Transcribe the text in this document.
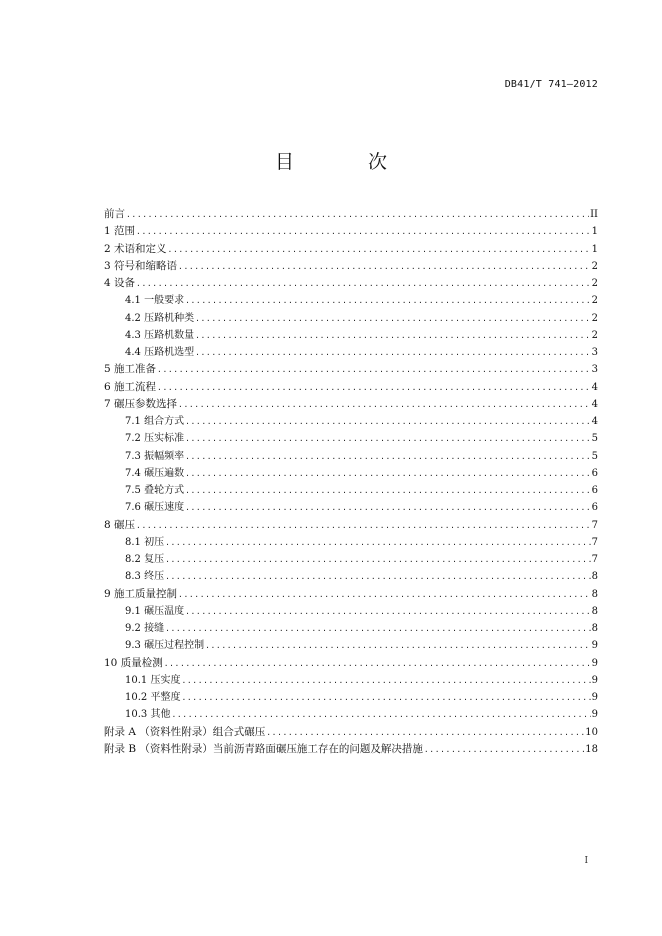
DB41/T 741—2012
目 次
前言 .....	II
1 范围 .....	1
2 术语和定义 .....	1
3 符号和缩略语 .....	2
4 设备 .....	2
4.1 一般要求 .....	2
4.2 压路机种类 .....	2
4.3 压路机数量 .....	2
4.4 压路机选型 .....	3
5 施工准备 .....	3
6 施工流程 .....	4
7 碾压参数选择 .....	4
7.1 组合方式 .....	4
7.2 压实标准 .....	5
7.3 振幅频率 .....	5
7.4 碾压遍数 .....	6
7.5 叠轮方式 .....	6
7.6 碾压速度 .....	6
8 碾压 .....	7
8.1 初压 .....	7
8.2 复压 .....	7
8.3 终压 .....	8
9 施工质量控制 .....	8
9.1 碾压温度 .....	8
9.2 接缝 .....	8
9.3 碾压过程控制 .....	9
10 质量检测 .....	9
10.1 压实度 .....	9
10.2 平整度 .....	9
10.3 其他 .....	9
附录 A （资料性附录）组合式碾压 .....	10
附录 B （资料性附录）当前沥青路面碾压施工存在的问题及解决措施 .....	18
I
